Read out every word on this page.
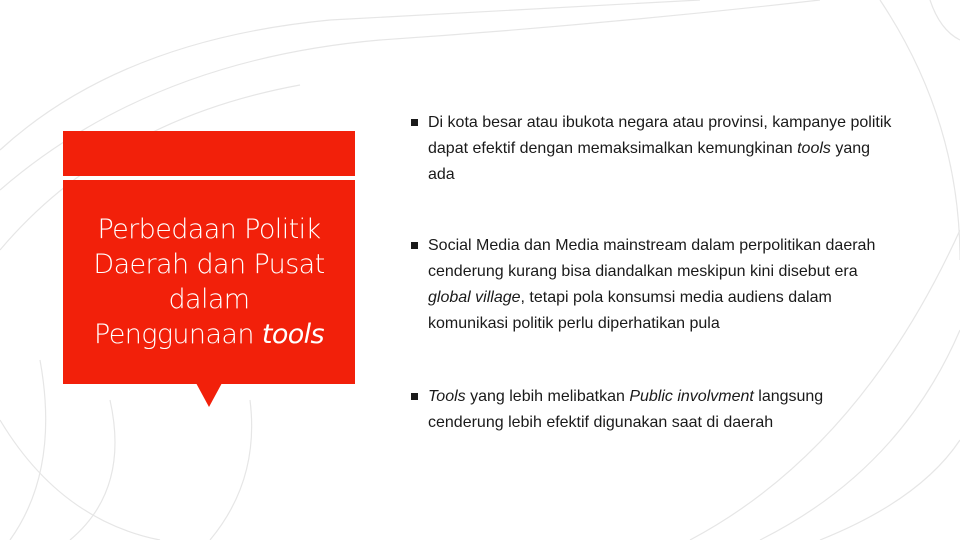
Perbedaan Politik
Daerah dan Pusat
dalam
Penggunaan tools
Di kota besar atau ibukota negara atau provinsi, kampanye politik dapat efektif dengan memaksimalkan kemungkinan tools yang ada
Social Media dan Media mainstream dalam perpolitikan daerah cenderung kurang bisa diandalkan meskipun kini disebut era global village, tetapi pola konsumsi media audiens dalam komunikasi politik perlu diperhatikan pula
Tools yang lebih melibatkan Public involvment langsung cenderung lebih efektif digunakan saat di daerah
